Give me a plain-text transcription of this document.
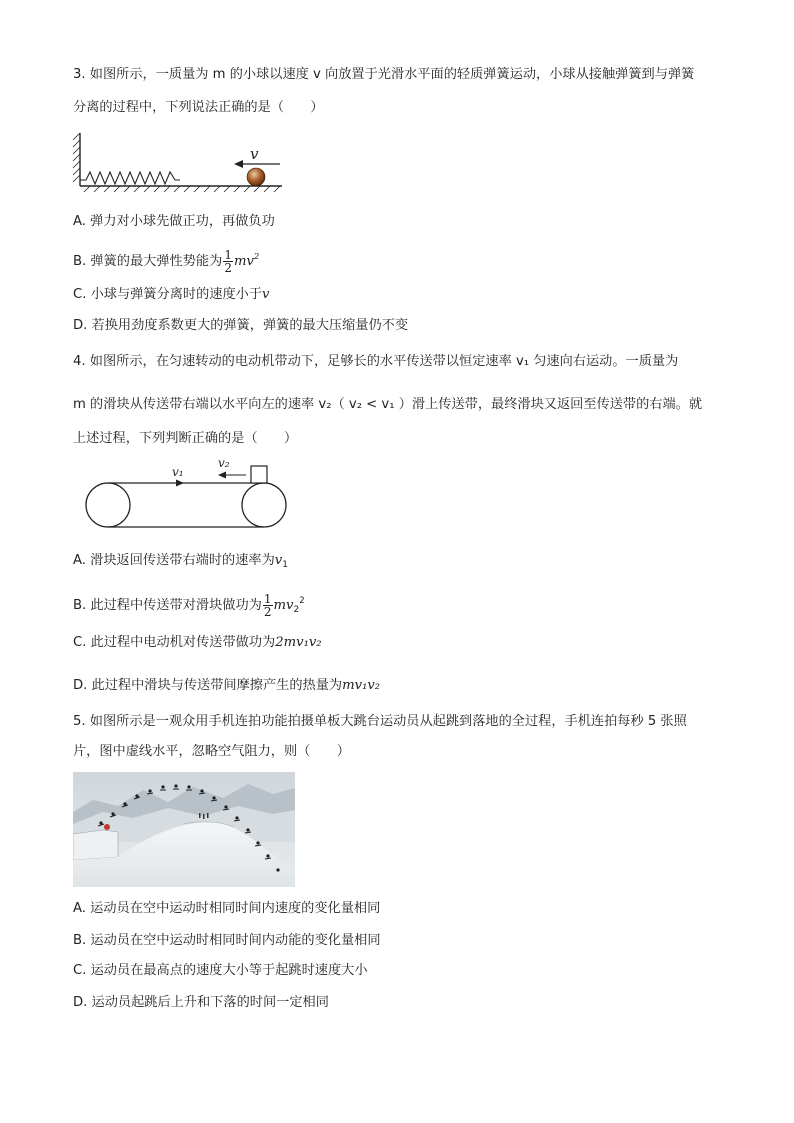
3. 如图所示，一质量为 m 的小球以速度 v 向放置于光滑水平面的轻质弹簧运动，小球从接触弹簧到与弹簧
分离的过程中，下列说法正确的是（　　）
v
A. 弹力对小球先做正功，再做负功
B. 弹簧的最大弹性势能为 $\frac{1}{2} mv^2$
C. 小球与弹簧分离时的速度小于v
D. 若换用劲度系数更大的弹簧，弹簧的最大压缩量仍不变
4. 如图所示，在匀速转动的电动机带动下，足够长的水平传送带以恒定速率 v₁ 匀速向右运动。一质量为
m 的滑块从传送带右端以水平向左的速率 v₂（ v₂ < v₁ ）滑上传送带，最终滑块又返回至传送带的右端。就
上述过程，下列判断正确的是（　　）
v₁
v₂
A. 滑块返回传送带右端时的速率为$v_1$
B. 此过程中传送带对滑块做功为 $\frac{1}{2} mv_2^2$
C. 此过程中电动机对传送带做功为2mv₁v₂
D. 此过程中滑块与传送带间摩擦产生的热量为mv₁v₂
5. 如图所示是一观众用手机连拍功能拍摄单板大跳台运动员从起跳到落地的全过程，手机连拍每秒 5 张照
片，图中虚线水平，忽略空气阻力，则（　　）
A. 运动员在空中运动时相同时间内速度的变化量相同
B. 运动员在空中运动时相同时间内动能的变化量相同
C. 运动员在最高点的速度大小等于起跳时速度大小
D. 运动员起跳后上升和下落的时间一定相同
